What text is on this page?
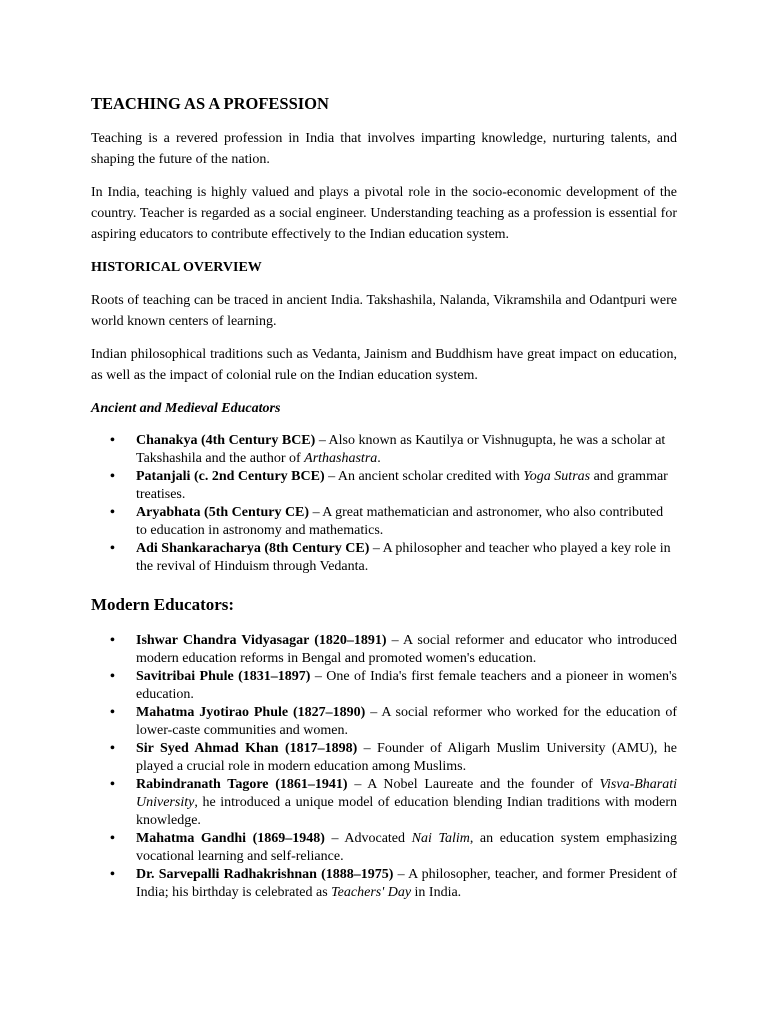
TEACHING AS A PROFESSION

Teaching is a revered profession in India that involves imparting knowledge, nurturing talents, and shaping the future of the nation.

In India, teaching is highly valued and plays a pivotal role in the socio-economic development of the country. Teacher is regarded as a social engineer. Understanding teaching as a profession is essential for aspiring educators to contribute effectively to the Indian education system.

HISTORICAL OVERVIEW

Roots of teaching can be traced in ancient India. Takshashila, Nalanda, Vikramshila and Odantpuri were world known centers of learning.

Indian philosophical traditions such as Vedanta, Jainism and Buddhism have great impact on education, as well as the impact of colonial rule on the Indian education system.

Ancient and Medieval Educators
•	Chanakya (4th Century BCE) – Also known as Kautilya or Vishnugupta, he was a scholar at Takshashila and the author of Arthashastra.
•	Patanjali (c. 2nd Century BCE) – An ancient scholar credited with Yoga Sutras and grammar treatises.
•	Aryabhata (5th Century CE) – A great mathematician and astronomer, who also contributed to education in astronomy and mathematics.
•	Adi Shankaracharya (8th Century CE) – A philosopher and teacher who played a key role in the revival of Hinduism through Vedanta.
Modern Educators:
•	Ishwar Chandra Vidyasagar (1820–1891) – A social reformer and educator who introduced modern education reforms in Bengal and promoted women's education.
•	Savitribai Phule (1831–1897) – One of India's first female teachers and a pioneer in women's education.
•	Mahatma Jyotirao Phule (1827–1890) – A social reformer who worked for the education of lower-caste communities and women.
•	Sir Syed Ahmad Khan (1817–1898) – Founder of Aligarh Muslim University (AMU), he played a crucial role in modern education among Muslims.
•	Rabindranath Tagore (1861–1941) – A Nobel Laureate and the founder of Visva-Bharati University, he introduced a unique model of education blending Indian traditions with modern knowledge.
•	Mahatma Gandhi (1869–1948) – Advocated Nai Talim, an education system emphasizing vocational learning and self-reliance.
•	Dr. Sarvepalli Radhakrishnan (1888–1975) – A philosopher, teacher, and former President of India; his birthday is celebrated as Teachers' Day in India.
